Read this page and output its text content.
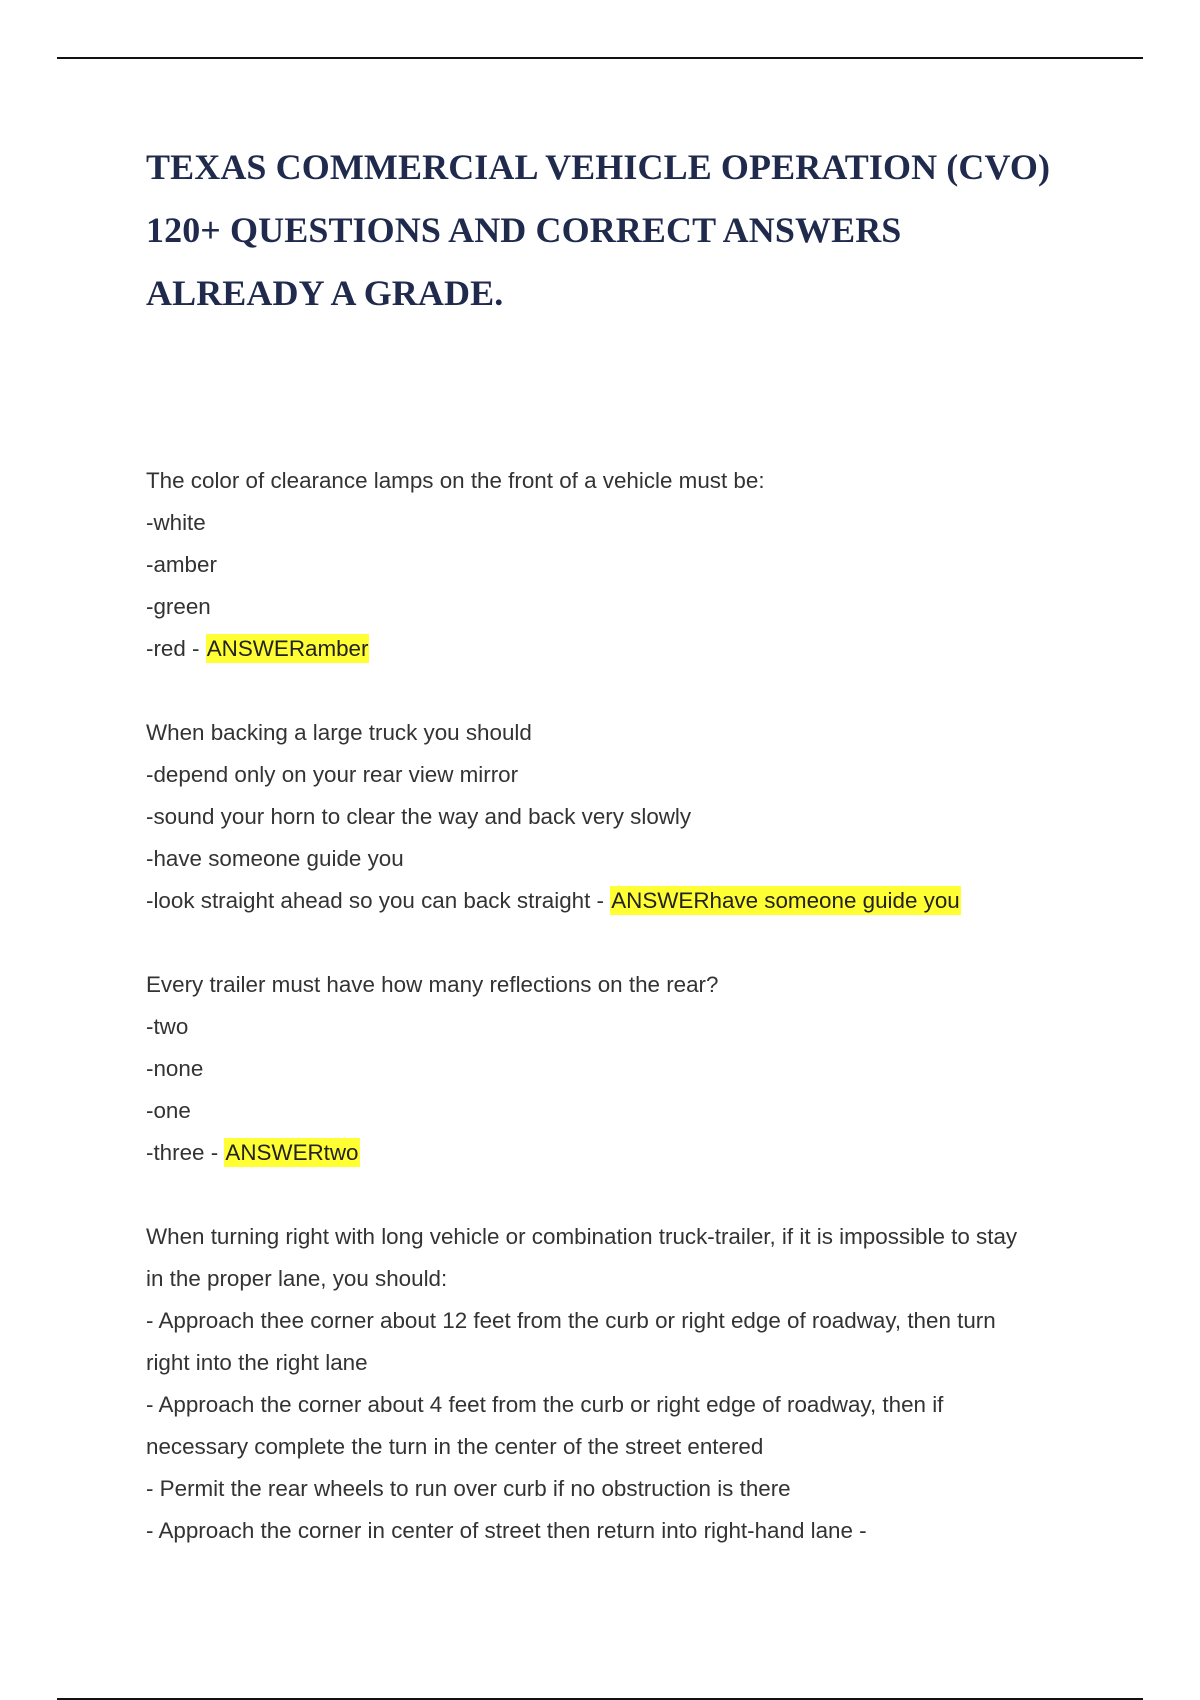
TEXAS COMMERCIAL VEHICLE OPERATION (CVO)
120+ QUESTIONS AND CORRECT ANSWERS
ALREADY A GRADE.
The color of clearance lamps on the front of a vehicle must be:
-white
-amber
-green
-red - ANSWERamber
When backing a large truck you should
-depend only on your rear view mirror
-sound your horn to clear the way and back very slowly
-have someone guide you
-look straight ahead so you can back straight - ANSWERhave someone guide you
Every trailer must have how many reflections on the rear?
-two
-none
-one
-three - ANSWERtwo
When turning right with long vehicle or combination truck-trailer, if it is impossible to stay
in the proper lane, you should:
- Approach thee corner about 12 feet from the curb or right edge of roadway, then turn
right into the right lane
- Approach the corner about 4 feet from the curb or right edge of roadway, then if
necessary complete the turn in the center of the street entered
- Permit the rear wheels to run over curb if no obstruction is there
- Approach the corner in center of street then return into right-hand lane -
